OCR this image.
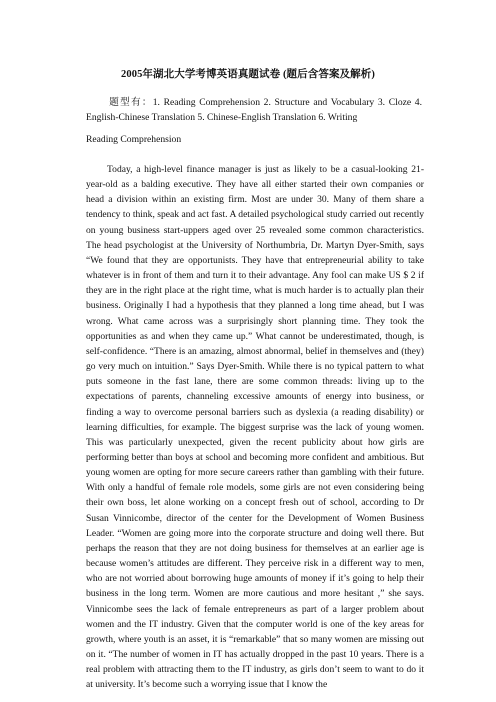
2005年湖北大学考博英语真题试卷 (题后含答案及解析)
题型有：1. Reading Comprehension 2. Structure and Vocabulary 3. Cloze 4. English-Chinese Translation 5. Chinese-English Translation 6. Writing
Reading Comprehension
Today, a high-level finance manager is just as likely to be a casual-looking 21-year-old as a balding executive. They have all either started their own companies or head a division within an existing firm. Most are under 30. Many of them share a tendency to think, speak and act fast. A detailed psychological study carried out recently on young business start-uppers aged over 25 revealed some common characteristics. The head psychologist at the University of Northumbria, Dr. Martyn Dyer-Smith, says “We found that they are opportunists. They have that entrepreneurial ability to take whatever is in front of them and turn it to their advantage. Any fool can make US $ 2 if they are in the right place at the right time, what is much harder is to actually plan their business. Originally I had a hypothesis that they planned a long time ahead, but I was wrong. What came across was a surprisingly short planning time. They took the opportunities as and when they came up.” What cannot be underestimated, though, is self-confidence. “There is an amazing, almost abnormal, belief in themselves and (they) go very much on intuition.” Says Dyer-Smith. While there is no typical pattern to what puts someone in the fast lane, there are some common threads: living up to the expectations of parents, channeling excessive amounts of energy into business, or finding a way to overcome personal barriers such as dyslexia (a reading disability) or learning difficulties, for example. The biggest surprise was the lack of young women. This was particularly unexpected, given the recent publicity about how girls are performing better than boys at school and becoming more confident and ambitious. But young women are opting for more secure careers rather than gambling with their future. With only a handful of female role models, some girls are not even considering being their own boss, let alone working on a concept fresh out of school, according to Dr Susan Vinnicombe, director of the center for the Development of Women Business Leader. “Women are going more into the corporate structure and doing well there. But perhaps the reason that they are not doing business for themselves at an earlier age is because women’s attitudes are different. They perceive risk in a different way to men, who are not worried about borrowing huge amounts of money if it’s going to help their business in the long term. Women are more cautious and more hesitant ,” she says. Vinnicombe sees the lack of female entrepreneurs as part of a larger problem about women and the IT industry. Given that the computer world is one of the key areas for growth, where youth is an asset, it is “remarkable” that so many women are missing out on it. “The number of women in IT has actually dropped in the past 10 years. There is a real problem with attracting them to the IT industry, as girls don’t seem to want to do it at university. It’s become such a worrying issue that I know the
